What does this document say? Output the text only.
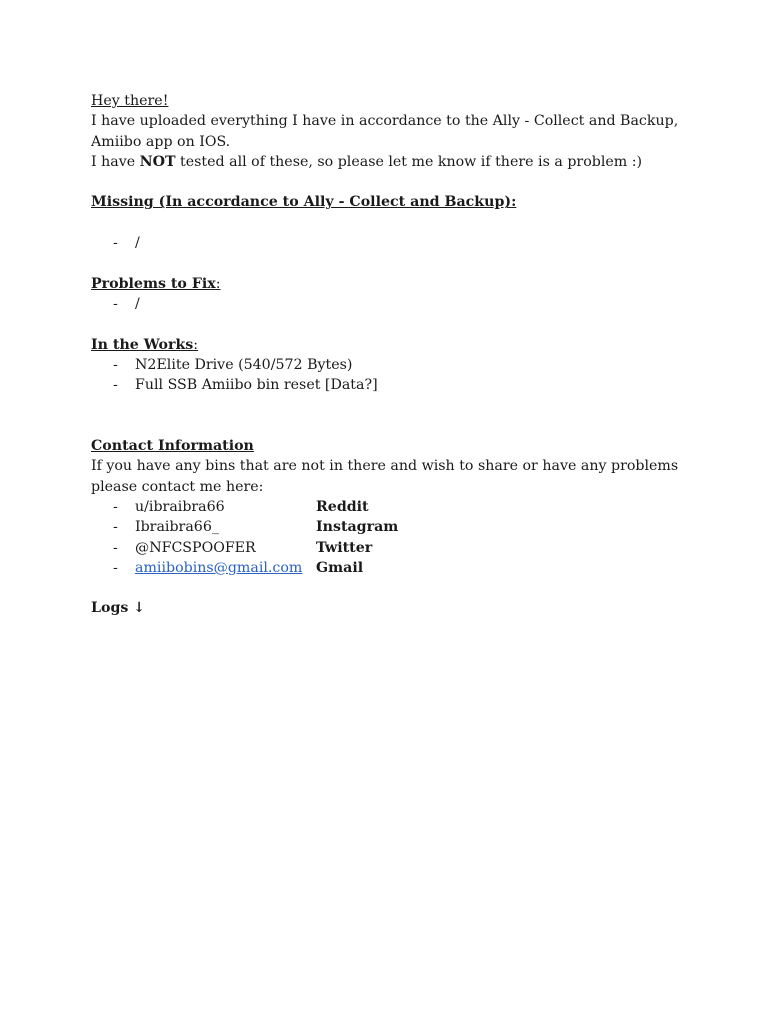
Hey there!
I have uploaded everything I have in accordance to the Ally - Collect and Backup,
Amiibo app on IOS.
I have NOT tested all of these, so please let me know if there is a problem :)
Missing (In accordance to Ally - Collect and Backup):
- /
Problems to Fix:
- /
In the Works:
- N2Elite Drive (540/572 Bytes)
- Full SSB Amiibo bin reset [Data?]
Contact Information
If you have any bins that are not in there and wish to share or have any problems please contact me here:
- u/ibraibra66	Reddit
- Ibraibra66_	Instagram
- @NFCSPOOFER	Twitter
- amiibobins@gmail.com Gmail
Logs ↓
